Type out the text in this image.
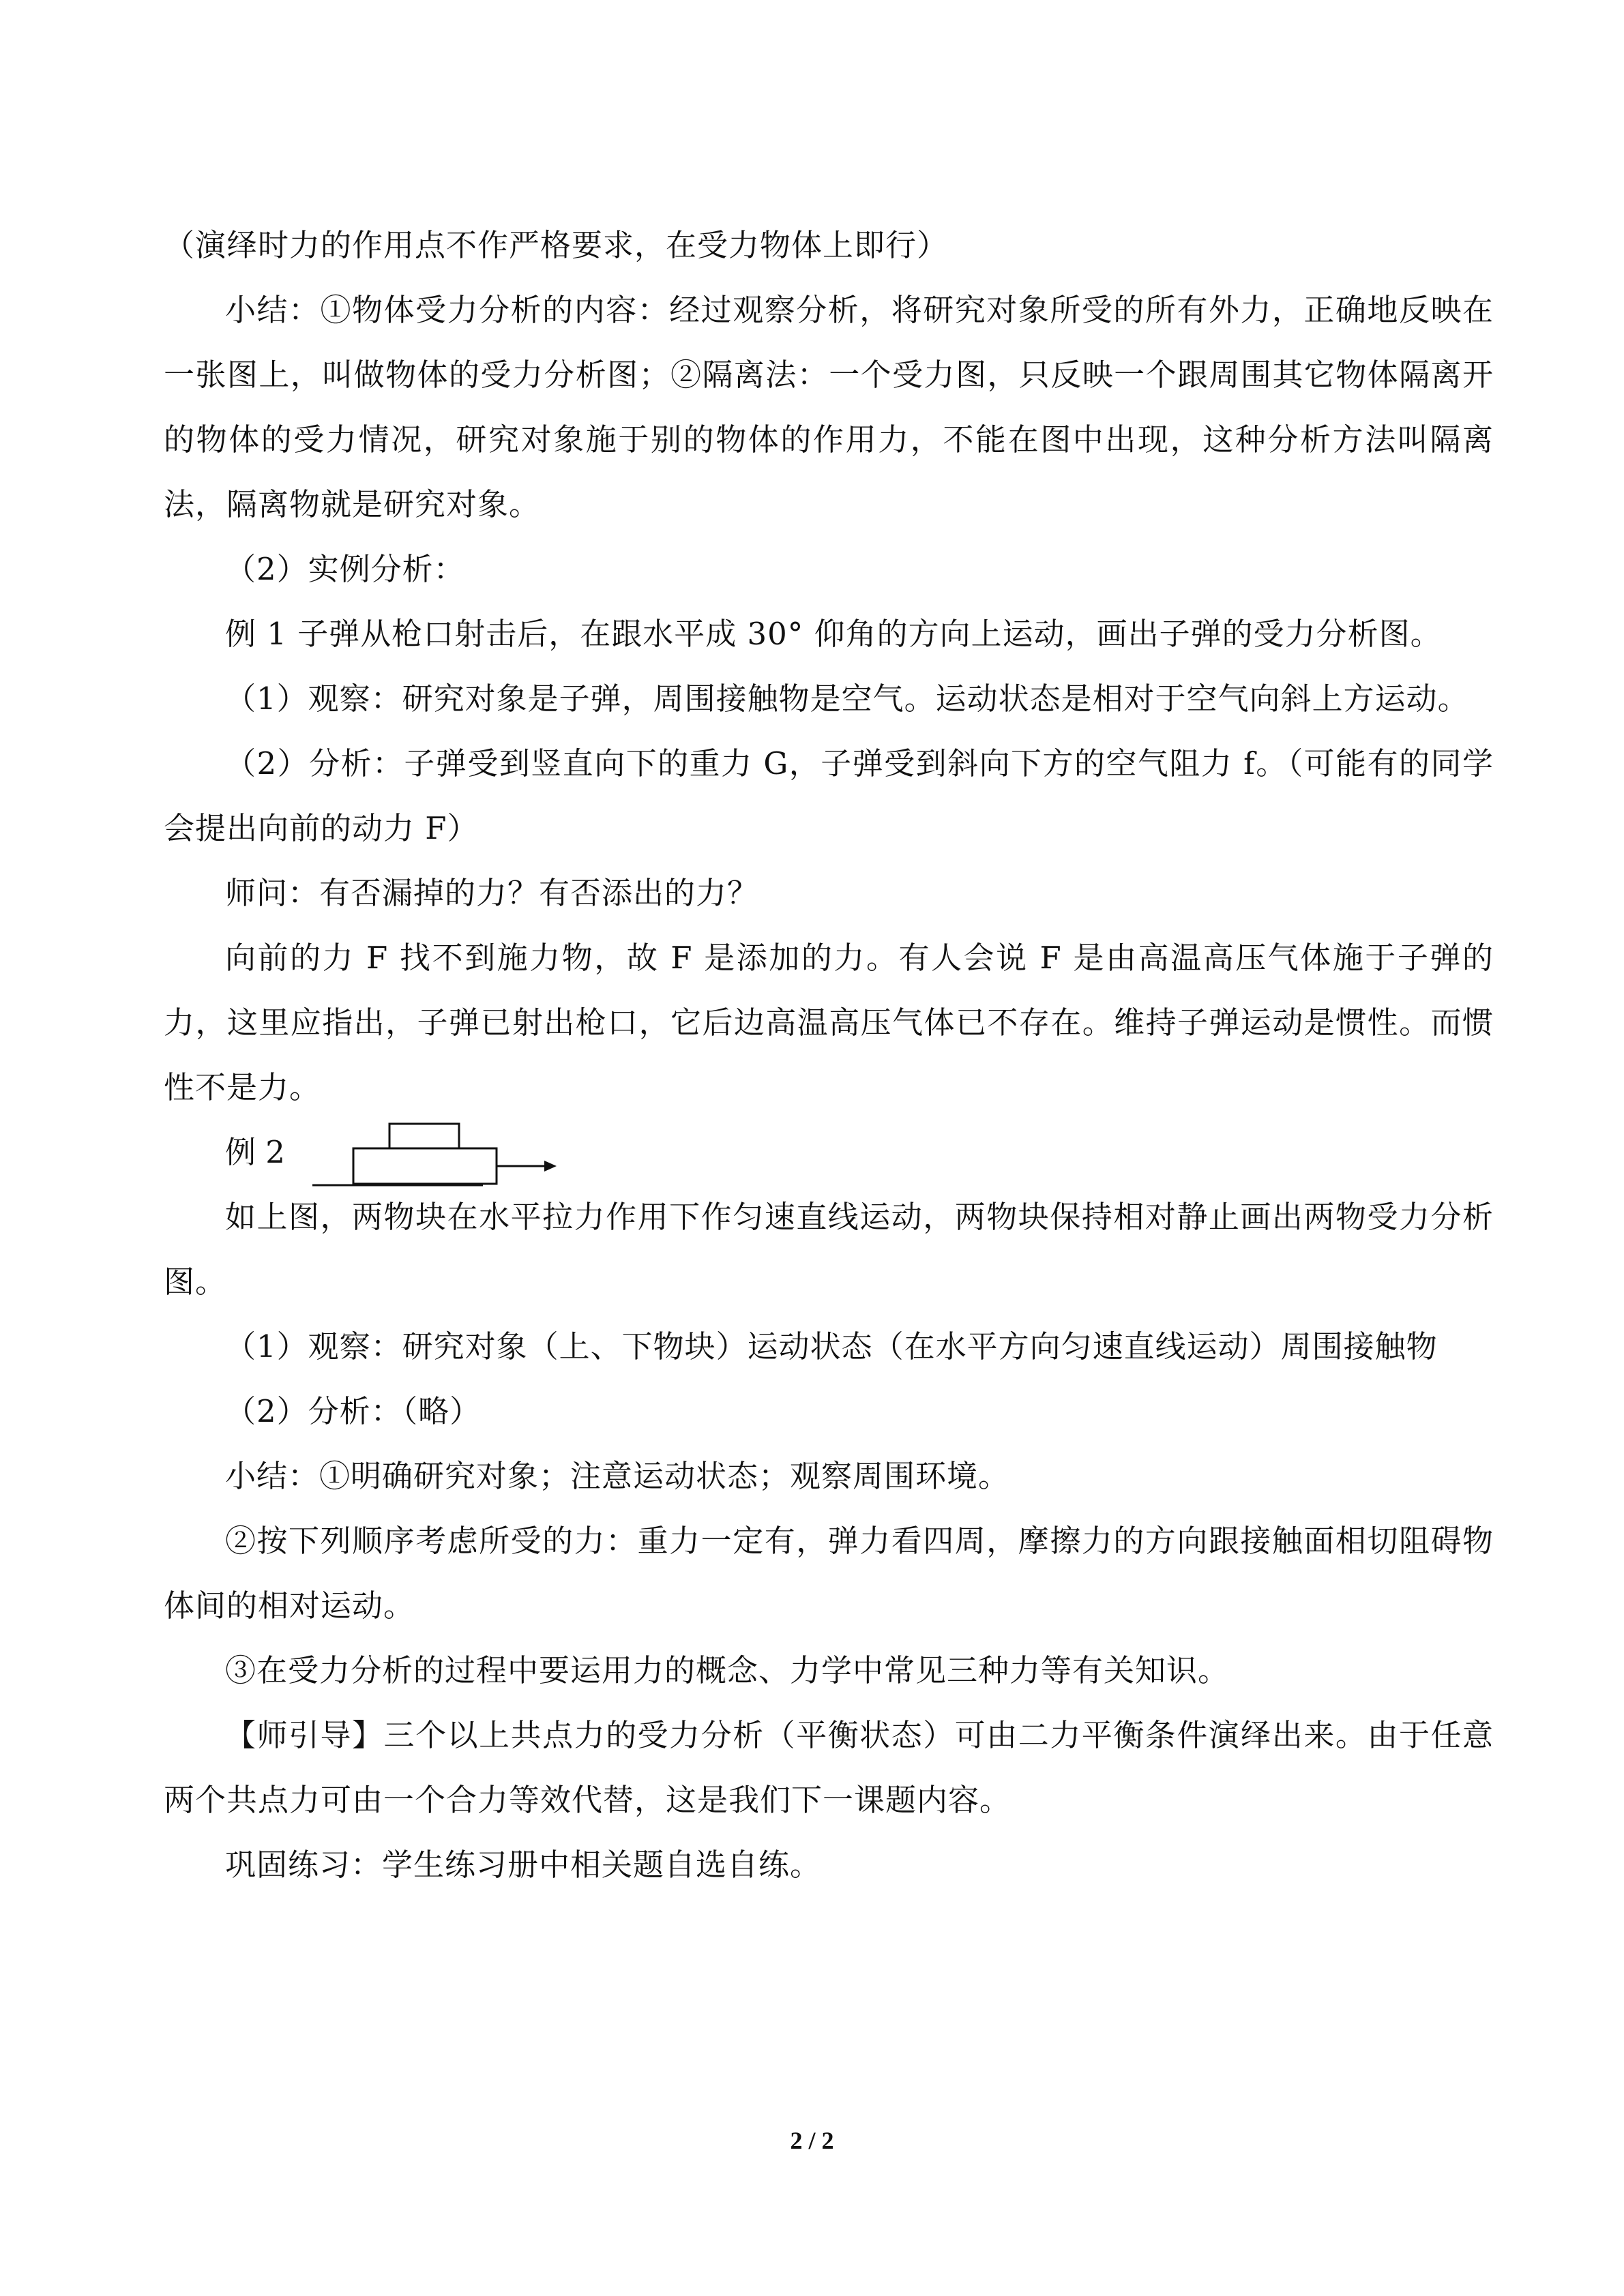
（演绎时力的作用点不作严格要求，在受力物体上即行）

小结：①物体受力分析的内容：经过观察分析，将研究对象所受的所有外力，正确地反映在一张图上，叫做物体的受力分析图；②隔离法：一个受力图，只反映一个跟周围其它物体隔离开的物体的受力情况，研究对象施于别的物体的作用力，不能在图中出现，这种分析方法叫隔离法，隔离物就是研究对象。

（2）实例分析：

例 1 子弹从枪口射击后，在跟水平成 30° 仰角的方向上运动，画出子弹的受力分析图。

（1）观察：研究对象是子弹，周围接触物是空气。运动状态是相对于空气向斜上方运动。

（2）分析：子弹受到竖直向下的重力 G，子弹受到斜向下方的空气阻力 f。（可能有的同学会提出向前的动力 F）

师问：有否漏掉的力？有否添出的力？

向前的力 F 找不到施力物，故 F 是添加的力。有人会说 F 是由高温高压气体施于子弹的力，这里应指出，子弹已射出枪口，它后边高温高压气体已不存在。维持子弹运动是惯性。而惯性不是力。

例 2

如上图，两物块在水平拉力作用下作匀速直线运动，两物块保持相对静止画出两物受力分析图。

（1）观察：研究对象（上、下物块）运动状态（在水平方向匀速直线运动）周围接触物

（2）分析：（略）

小结：①明确研究对象；注意运动状态；观察周围环境。

②按下列顺序考虑所受的力：重力一定有，弹力看四周，摩擦力的方向跟接触面相切阻碍物体间的相对运动。

③在受力分析的过程中要运用力的概念、力学中常见三种力等有关知识。

【师引导】三个以上共点力的受力分析（平衡状态）可由二力平衡条件演绎出来。由于任意两个共点力可由一个合力等效代替，这是我们下一课题内容。

巩固练习：学生练习册中相关题自选自练。

2 / 2
